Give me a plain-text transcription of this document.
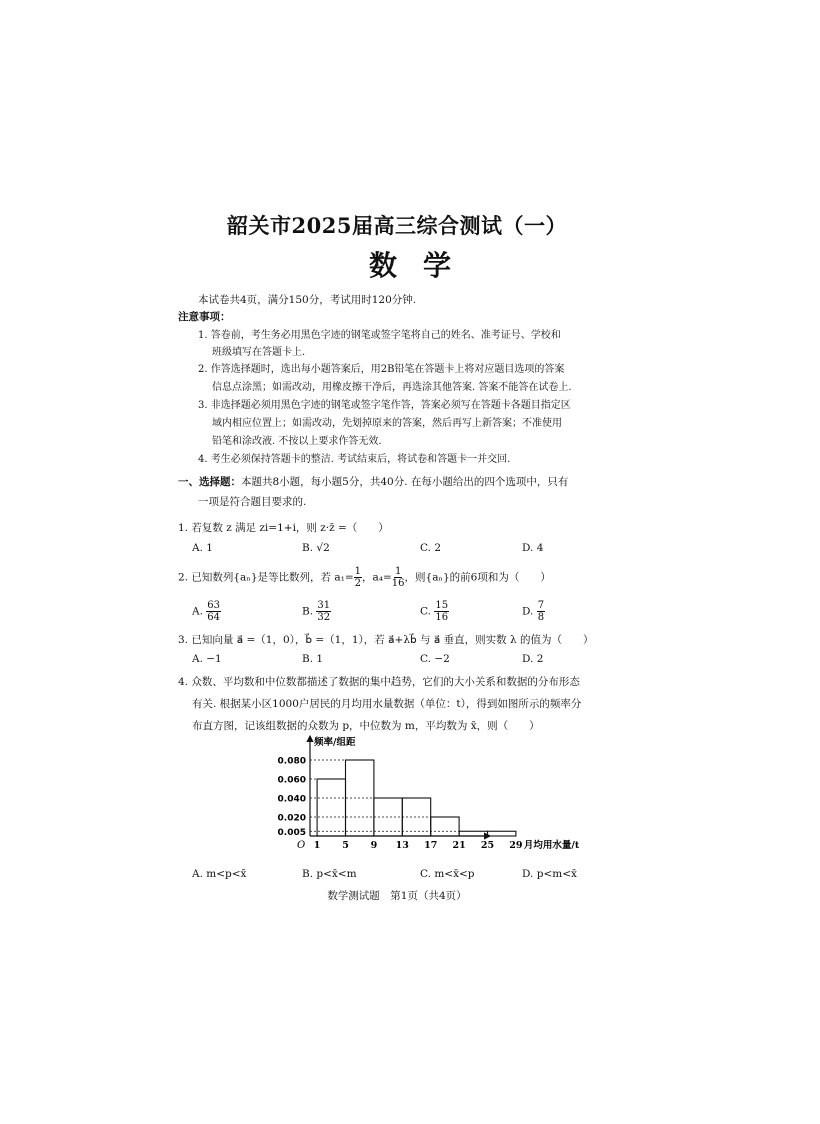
韶关市2025届高三综合测试（一）
数学
本试卷共4页，满分150分，考试用时120分钟.
注意事项：
1. 答卷前，考生务必用黑色字迹的钢笔或签字笔将自己的姓名、准考证号、学校和
班级填写在答题卡上.
2. 作答选择题时，选出每小题答案后，用2B铅笔在答题卡上将对应题目选项的答案
信息点涂黑；如需改动，用橡皮擦干净后，再选涂其他答案. 答案不能答在试卷上.
3. 非选择题必须用黑色字迹的钢笔或签字笔作答，答案必须写在答题卡各题目指定区
域内相应位置上；如需改动，先划掉原来的答案，然后再写上新答案；不准使用
铅笔和涂改液. 不按以上要求作答无效.
4. 考生必须保持答题卡的整洁. 考试结束后，将试卷和答题卡一并交回.
一、选择题：本题共8小题，每小题5分，共40分. 在每小题给出的四个选项中，只有
一项是符合题目要求的.
1. 若复数 z 满足 zi=1+i，则 z·z̄ =（　　）
A. 1	B. √2	C. 2	D. 4
2. 已知数列{aₙ}是等比数列，若 $a_1= \frac{1}{2}$ ，$a_4= \frac{1}{16}$ ，则{aₙ}的前6项和为（　　）
A. $\frac{63}{64}$	B. $\frac{31}{32}$	C. $\frac{15}{16}$	D. $\frac{7}{8}$
3. 已知向量 a⃗ =（1，0），b⃗ =（1，1），若 a⃗+λb⃗ 与 a⃗ 垂直，则实数 λ 的值为（　　）
A. −1	B. 1	C. −2	D. 2
4. 众数、平均数和中位数都描述了数据的集中趋势，它们的大小关系和数据的分布形态
有关. 根据某小区1000户居民的月均用水量数据（单位：t），得到如图所示的频率分
布直方图，记该组数据的众数为 p，中位数为 m，平均数为 x̄，则（　　）
频率/组距
O
0.080
0.060
0.040
0.020
0.005
1 5 9 13 17 21 25 29 月均用水量/t
A. m<p<x̄	B. p<x̄<m	C. m<x̄<p	D. p<m<x̄
数学测试题　第1页（共4页）
